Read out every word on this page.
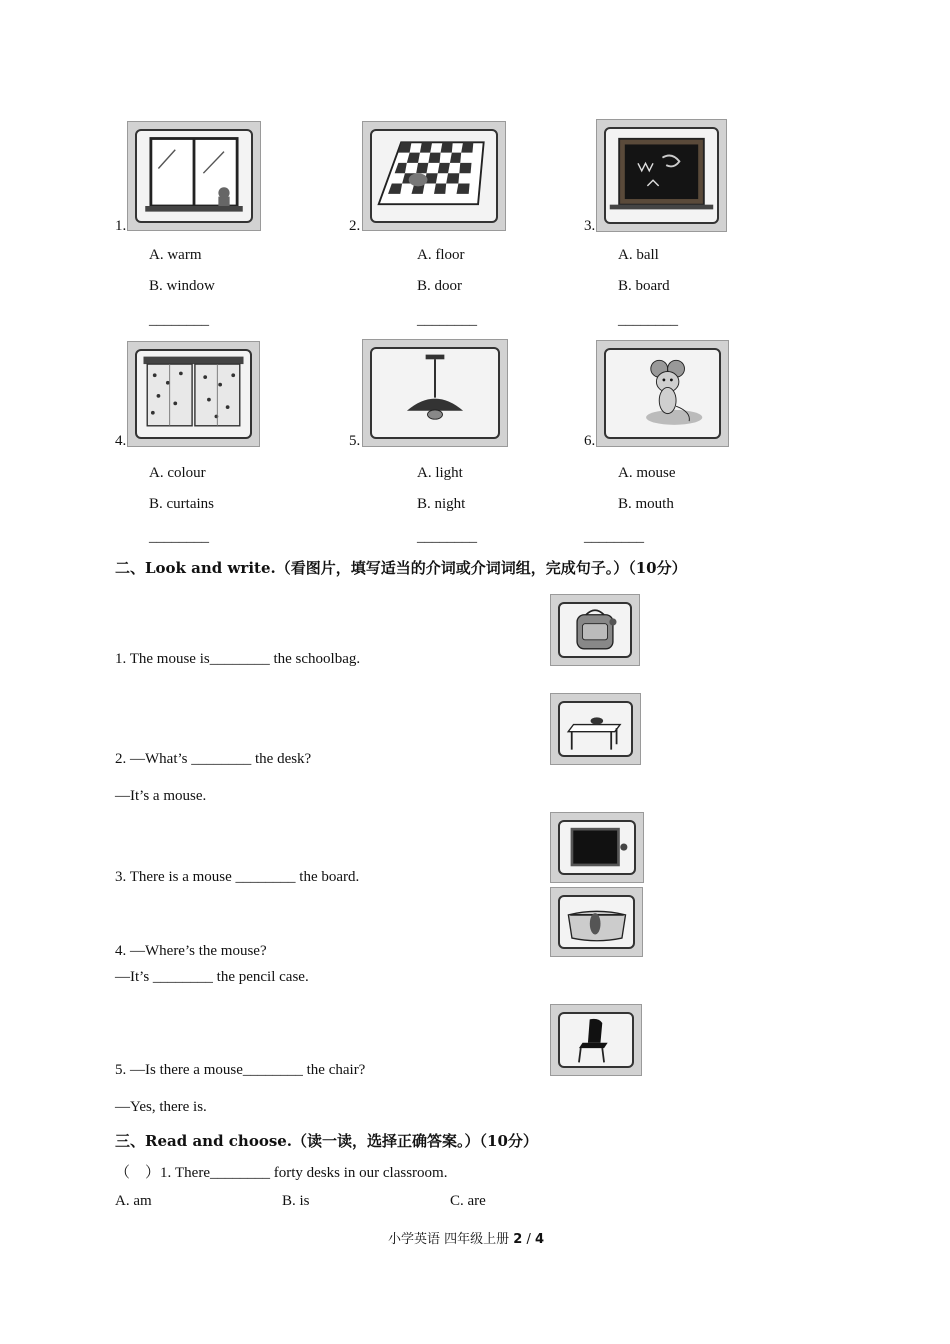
1.	2.	3.
A. warm	A. floor	A. ball
B. window	B. door	B. board
________	________	________
4.	5.	6.
A. colour	A. light	A. mouse
B. curtains	B. night	B. mouth
________	________	________
二、Look and write.（看图片，填写适当的介词或介词词组，完成句子。）（10分）
1. The mouse is________ the schoolbag.
2. —What’s ________ the desk?
—It’s a mouse.
3. There is a mouse ________ the board.
4. —Where’s the mouse?
—It’s ________ the pencil case.
5. —Is there a mouse________ the chair?
—Yes, there is.
三、Read and choose.（读一读，选择正确答案。）（10分）
（　）1. There________ forty desks in our classroom.
A. am	B. is	C. are
小学英语 四年级上册 2 / 4
